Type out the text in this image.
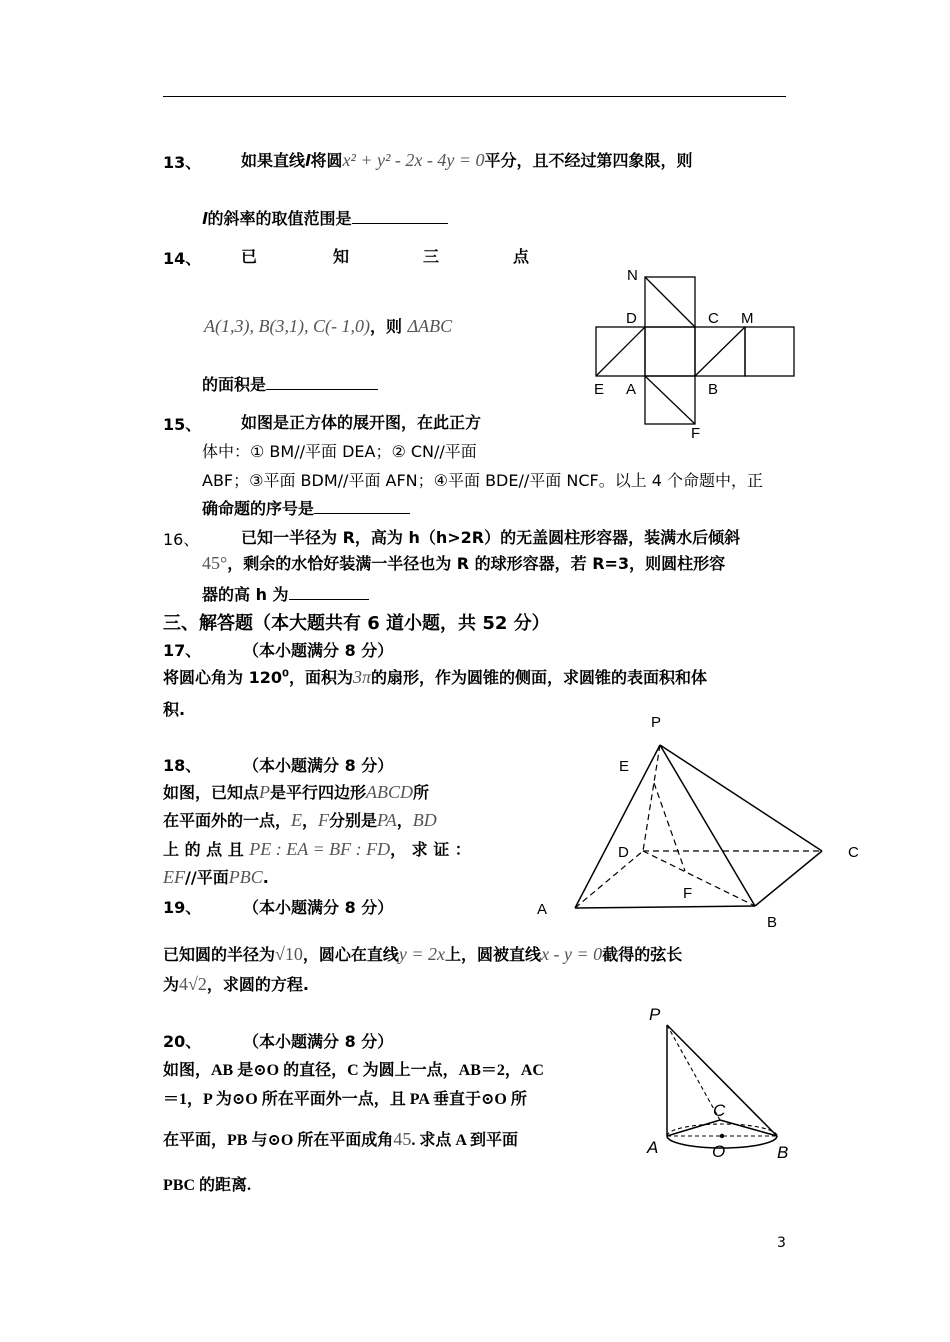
13、 如果直线l将圆x² + y² - 2x - 4y = 0平分，且不经过第四象限，则
l的斜率的取值范围是
14、 已	知	三	点
A(1,3), B(3,1), C(- 1,0)，则 ΔABC
的面积是
N
D	C M
E A	B
F
15、 如图是正方体的展开图，在此正方
体中：① BM//平面 DEA；② CN//平面
ABF；③平面 BDM//平面 AFN；④平面 BDE//平面 NCF。以上 4 个命题中，正
确命题的序号是
16、	已知一半径为 R，高为 h（h>2R）的无盖圆柱形容器，装满水后倾斜
45°，剩余的水恰好装满一半径也为 R 的球形容器，若 R=3，则圆柱形容
器的高 h 为
三、解答题（本大题共有 6 道小题，共 52 分）
17、	（本小题满分 8 分）
将圆心角为 $120^0$，面积为3π的扇形，作为圆锥的侧面，求圆锥的表面积和体
积.
P
E
D	C
F
A
B
18、	（本小题满分 8 分）
如图，已知点P是平行四边形ABCD所
在平面外的一点，E，F分别是PA，BD
上 的 点 且 PE : EA = BF : FD， 求 证 ：
EF//平面PBC.
19、	（本小题满分 8 分）
已知圆的半径为√10，圆心在直线y = 2x上，圆被直线x - y = 0截得的弦长
为4√2，求圆的方程.
P
C
A	O	B
20、	（本小题满分 8 分）
如图，AB 是⊙O 的直径，C 为圆上一点，AB＝2，AC
＝1，P 为⊙O 所在平面外一点，且 PA 垂直于⊙O 所
在平面，PB 与⊙O 所在平面成角45. 求点 A 到平面
PBC 的距离.
3
